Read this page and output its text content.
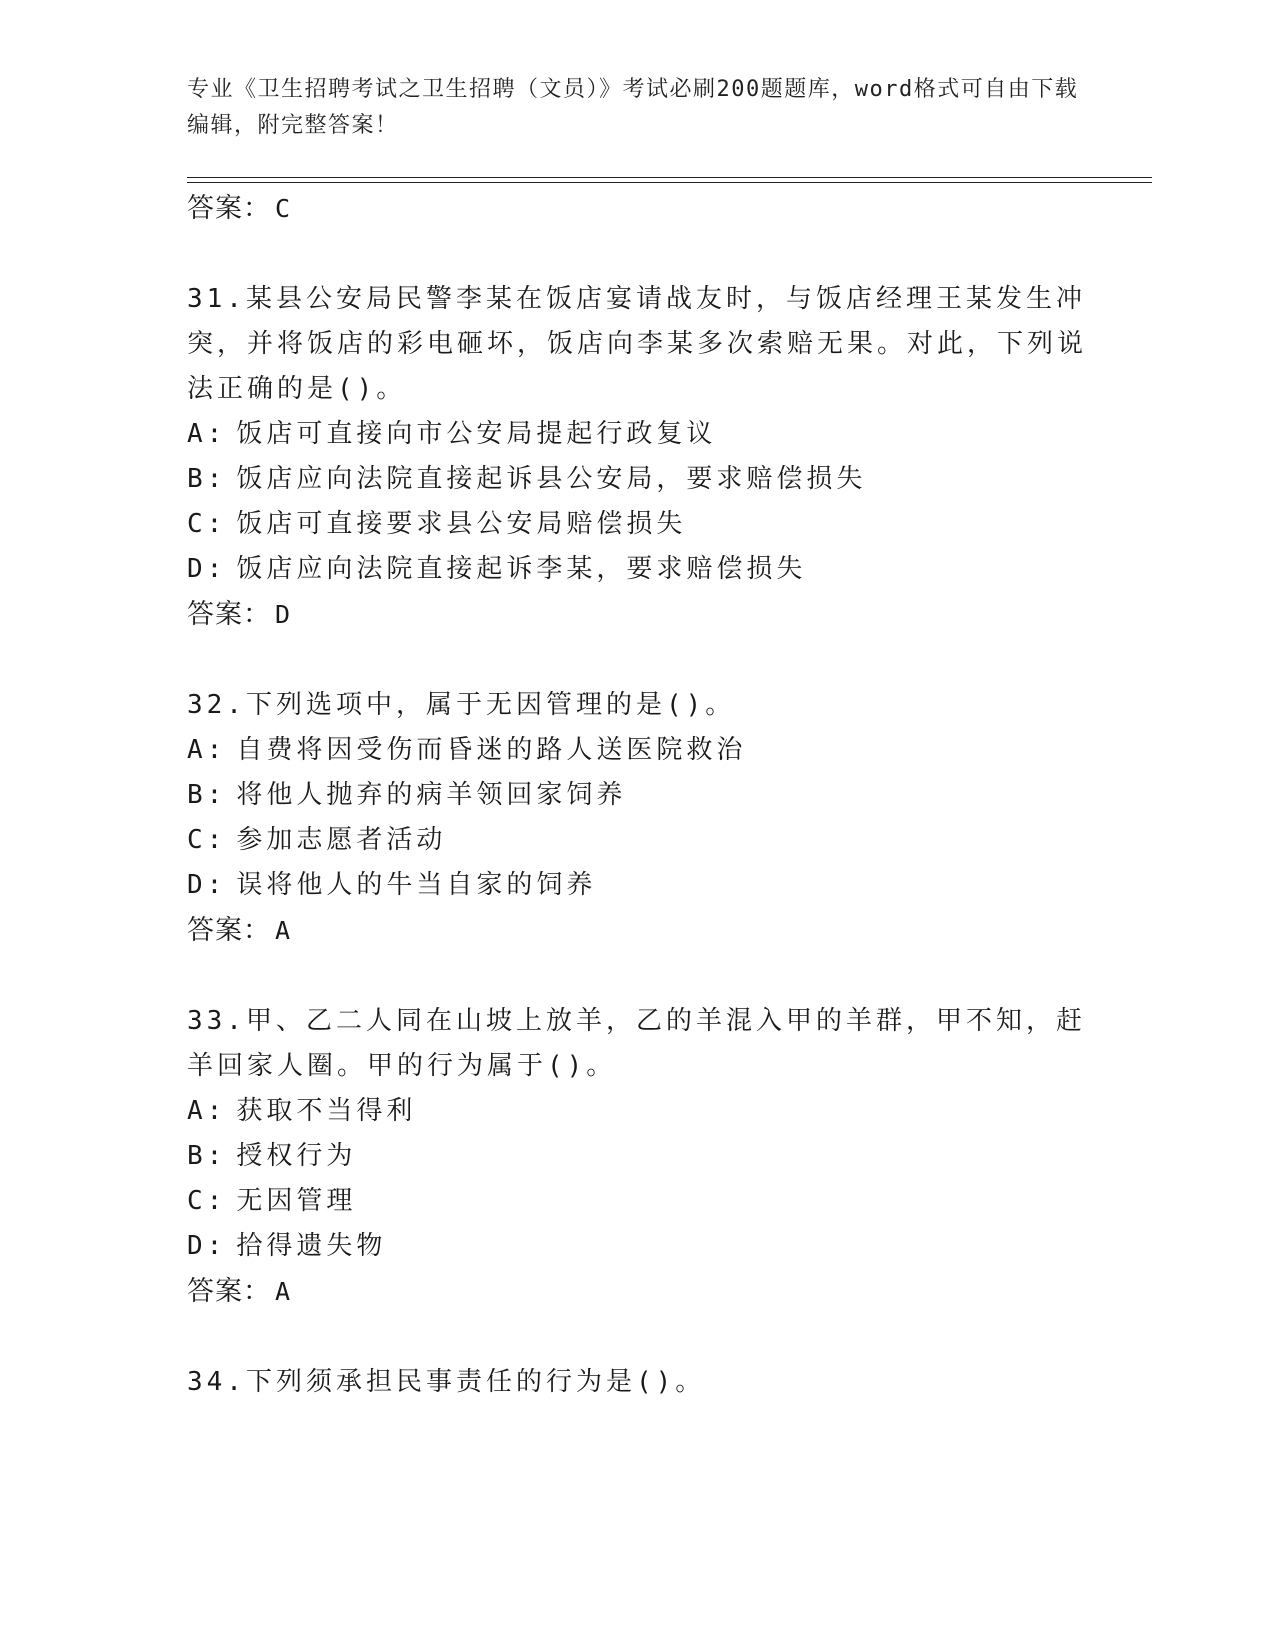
专业《卫生招聘考试之卫生招聘（文员）》考试必刷200题题库，word格式可自由下载编辑，附完整答案！
答案： C
31.某县公安局民警李某在饭店宴请战友时，与饭店经理王某发生冲突，并将饭店的彩电砸坏，饭店向李某多次索赔无果。对此，下列说法正确的是()。
A: 饭店可直接向市公安局提起行政复议
B: 饭店应向法院直接起诉县公安局，要求赔偿损失
C: 饭店可直接要求县公安局赔偿损失
D: 饭店应向法院直接起诉李某，要求赔偿损失
答案： D
32.下列选项中，属于无因管理的是()。
A: 自费将因受伤而昏迷的路人送医院救治
B: 将他人抛弃的病羊领回家饲养
C: 参加志愿者活动
D: 误将他人的牛当自家的饲养
答案： A
33.甲、乙二人同在山坡上放羊，乙的羊混入甲的羊群，甲不知，赶羊回家人圈。甲的行为属于()。
A: 获取不当得利
B: 授权行为
C: 无因管理
D: 拾得遗失物
答案： A
34.下列须承担民事责任的行为是()。
